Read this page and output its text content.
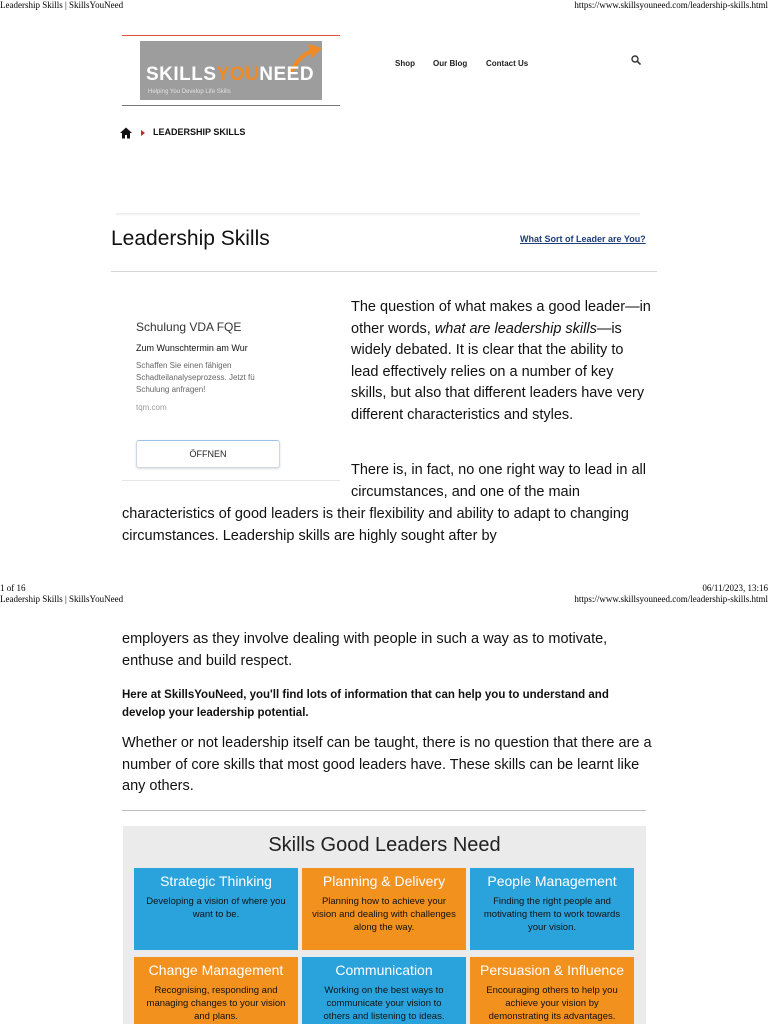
Leadership Skills | SkillsYouNeed	https://www.skillsyouneed.com/leadership-skills.html
SKILLSYOUNEED
Helping You Develop Life Skills
Shop Our Blog Contact Us
LEADERSHIP SKILLS
Leadership Skills	What Sort of Leader are You?
Schulung VDA FQE
Zum Wunschtermin am Wur
Schaffen Sie einen fähigen Schadteilanalyseprozess. Jetzt fü Schulung anfragen!
tqm.com
ÖFFNEN
The question of what makes a good leader—in other words, what are leadership skills—is widely debated. It is clear that the ability to lead effectively relies on a number of key skills, but also that different leaders have very different characteristics and styles.
There is, in fact, no one right way to lead in all circumstances, and one of the main
characteristics of good leaders is their flexibility and ability to adapt to changing circumstances. Leadership skills are highly sought after by
1 of 16	06/11/2023, 13:16
Leadership Skills | SkillsYouNeed	https://www.skillsyouneed.com/leadership-skills.html
employers as they involve dealing with people in such a way as to motivate, enthuse and build respect.
Here at SkillsYouNeed, you'll find lots of information that can help you to understand and develop your leadership potential.
Whether or not leadership itself can be taught, there is no question that there are a number of core skills that most good leaders have. These skills can be learnt like any others.
Skills Good Leaders Need
Strategic Thinking
Developing a vision of where you want to be.
Planning & Delivery
Planning how to achieve your vision and dealing with challenges along the way.
People Management
Finding the right people and motivating them to work towards your vision.
Change Management
Recognising, responding and managing changes to your vision and plans.
Communication
Working on the best ways to communicate your vision to others and listening to ideas.
Persuasion & Influence
Encouraging others to help you achieve your vision by demonstrating its advantages.
